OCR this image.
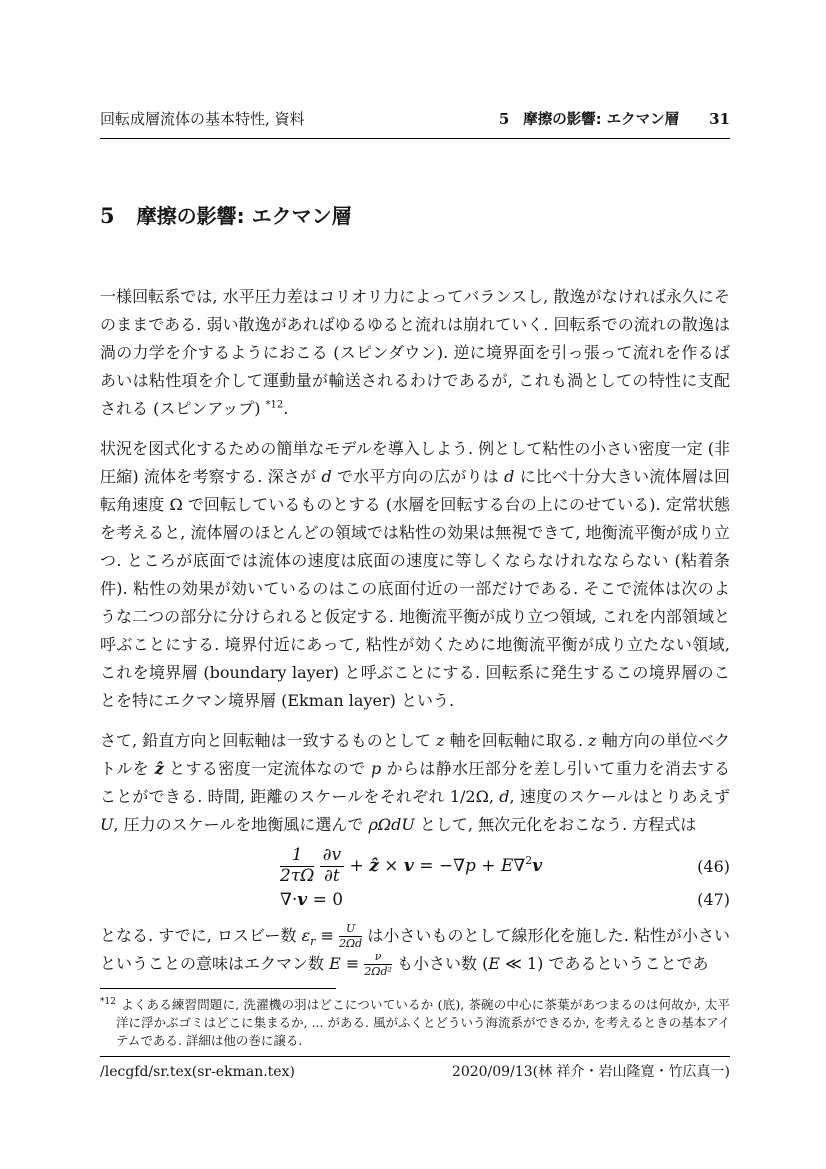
回転成層流体の基本特性, 資料	5 摩擦の影響: エクマン層 31
5 摩擦の影響: エクマン層

一様回転系では, 水平圧力差はコリオリ力によってバランスし, 散逸がなければ永久にそのままである. 弱い散逸があればゆるゆると流れは崩れていく. 回転系での流れの散逸は渦の力学を介するようにおこる (スピンダウン). 逆に境界面を引っ張って流れを作るばあいは粘性項を介して運動量が輸送されるわけであるが, これも渦としての特性に支配される (スピンアップ) $^{*12}$.

状況を図式化するための簡単なモデルを導入しよう. 例として粘性の小さい密度一定 (非圧縮) 流体を考察する. 深さが d で水平方向の広がりは d に比べ十分大きい流体層は回転角速度 Ω で回転しているものとする (水層を回転する台の上にのせている). 定常状態を考えると, 流体層のほとんどの領域では粘性の効果は無視できて, 地衡流平衡が成り立つ. ところが底面では流体の速度は底面の速度に等しくならなけれなならない (粘着条件). 粘性の効果が効いているのはこの底面付近の一部だけである. そこで流体は次のような二つの部分に分けられると仮定する. 地衡流平衡が成り立つ領域, これを内部領域と呼ぶことにする. 境界付近にあって, 粘性が効くために地衡流平衡が成り立たない領域, これを境界層 (boundary layer) と呼ぶことにする. 回転系に発生するこの境界層のことを特にエクマン境界層 (Ekman layer) という.

さて, 鉛直方向と回転軸は一致するものとして z 軸を回転軸に取る. z 軸方向の単位ベクトルを ẑ とする密度一定流体なので p からは静水圧部分を差し引いて重力を消去することができる. 時間, 距離のスケールをそれぞれ 1/2Ω, d, 速度のスケールはとりあえず U, 圧力のスケールを地衡風に選んで ρΩdU として, 無次元化をおこなう. 方程式は

$\frac{1}{2\tau\Omega}$
$\frac{\partial v}{\partial t}$ + ẑ × v = −∇p + E∇$^2$v	(46)
∇·v = 0	(47)

となる. すでに, ロスビー数 $\varepsilon_r \equiv \frac{U}{2\Omega d}$ は小さいものとして線形化を施した. 粘性が小さいということの意味はエクマン数 $E \equiv \frac{\nu}{\text{2Ωd²}}$ も小さい数 (E ≪ 1) であるということであ

$^{*12}$ よくある練習問題に, 洗濯機の羽はどこについているか (底), 茶碗の中心に茶葉があつまるのは何故か, 太平洋に浮かぶゴミはどこに集まるか, ... がある. 風がふくとどういう海流系ができるか, を考えるときの基本アイテムである. 詳細は他の巻に譲る.

/lecgfd/sr.tex(sr-ekman.tex)	2020/09/13(林 祥介・岩山隆寛・竹広真一)
